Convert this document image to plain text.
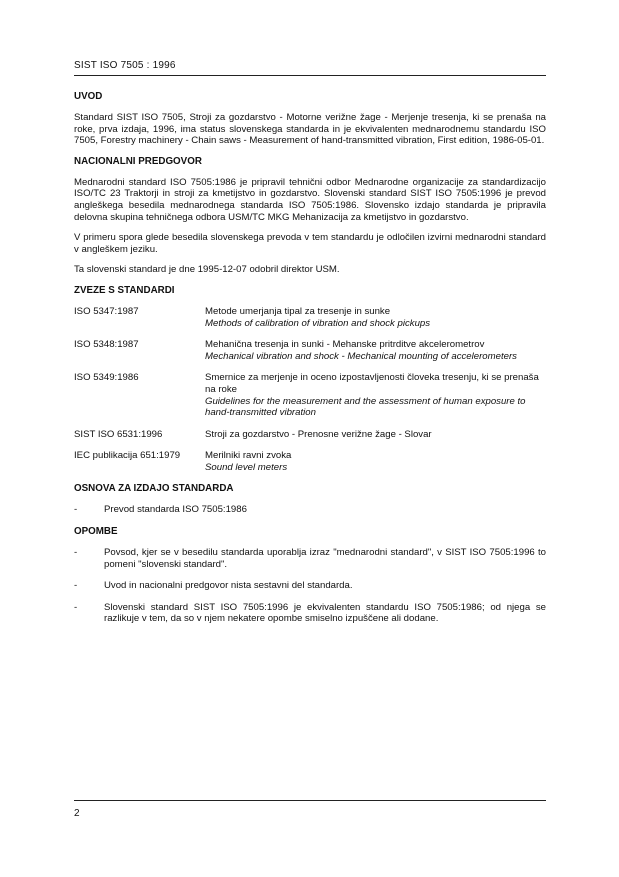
SIST ISO 7505 : 1996
UVOD

Standard SIST ISO 7505, Stroji za gozdarstvo - Motorne verižne žage - Merjenje tresenja, ki se prenaša na roke, prva izdaja, 1996, ima status slovenskega standarda in je ekvivalenten mednarodnemu standardu ISO 7505, Forestry machinery - Chain saws - Measurement of hand-transmitted vibration, First edition, 1986-05-01.

NACIONALNI PREDGOVOR

Mednarodni standard ISO 7505:1986 je pripravil tehnični odbor Mednarodne organizacije za standardizacijo ISO/TC 23 Traktorji in stroji za kmetijstvo in gozdarstvo. Slovenski standard SIST ISO 7505:1996 je prevod angleškega besedila mednarodnega standarda ISO 7505:1986. Slovensko izdajo standarda je pripravila delovna skupina tehničnega odbora USM/TC MKG Mehanizacija za kmetijstvo in gozdarstvo.

V primeru spora glede besedila slovenskega prevoda v tem standardu je odločilen izvirni mednarodni standard v angleškem jeziku.

Ta slovenski standard je dne 1995-12-07 odobril direktor USM.

ZVEZE S STANDARDI
ISO 5347:1987	Metode umerjanja tipal za tresenje in sunke
Methods of calibration of vibration and shock pickups
ISO 5348:1987	Mehanična tresenja in sunki - Mehanske pritrditve akcelerometrov
Mechanical vibration and shock - Mechanical mounting of accelerometers
ISO 5349:1986	Smernice za merjenje in oceno izpostavljenosti človeka tresenju, ki se prenaša na roke
Guidelines for the measurement and the assessment of human exposure to hand-transmitted vibration
SIST ISO 6531:1996	Stroji za gozdarstvo - Prenosne verižne žage - Slovar
IEC publikacija 651:1979	Merilniki ravni zvoka
Sound level meters
OSNOVA ZA IZDAJO STANDARDA
-	Prevod standarda ISO 7505:1986
OPOMBE
-	Povsod, kjer se v besedilu standarda uporablja izraz "mednarodni standard", v SIST ISO 7505:1996 to pomeni "slovenski standard".
-	Uvod in nacionalni predgovor nista sestavni del standarda.
-	Slovenski standard SIST ISO 7505:1996 je ekvivalenten standardu ISO 7505:1986; od njega se razlikuje v tem, da so v njem nekatere opombe smiselno izpuščene ali dodane.
2
